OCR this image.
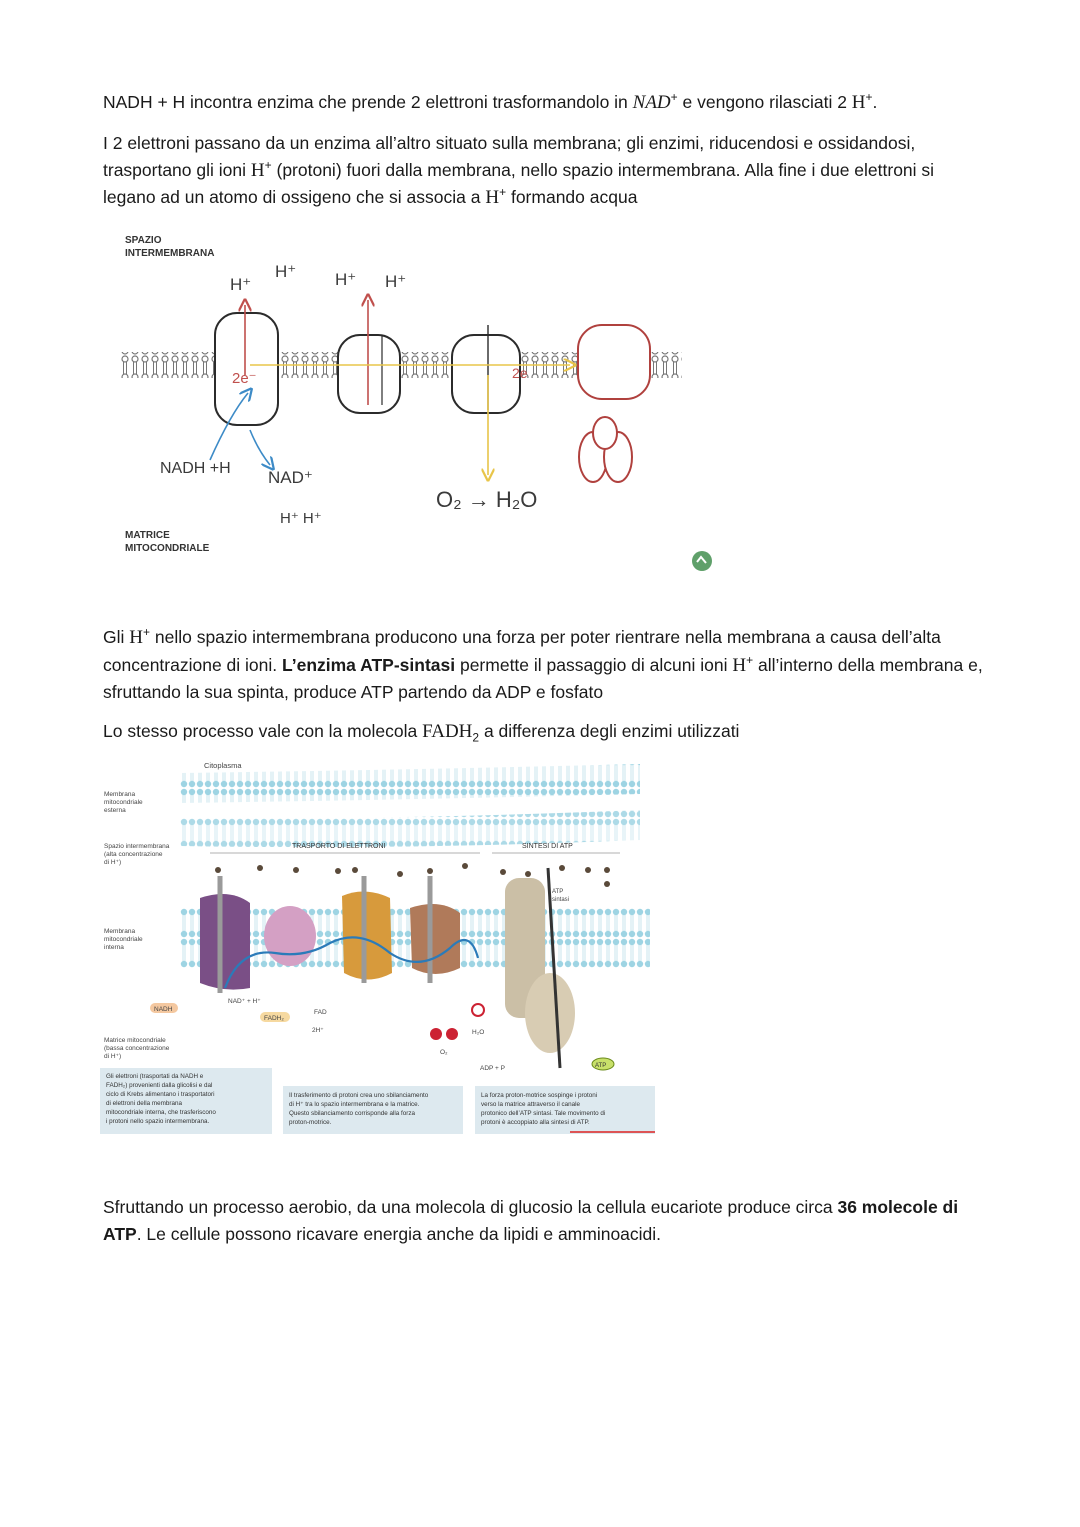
NADH + H incontra enzima che prende 2 elettroni trasformandolo in NAD+ e vengono rilasciati 2 H+.

I 2 elettroni passano da un enzima all’altro situato sulla membrana; gli enzimi, riducendosi e ossidandosi, trasportano gli ioni H+ (protoni) fuori dalla membrana, nello spazio intermembrana. Alla fine i due elettroni si legano ad un atomo di ossigeno che si associa a H+ formando acqua

SPAZIO
INTERMEMBRANA
MATRICE
MITOCONDRIALE
H⁺
H⁺ H⁺ H⁺
2e⁻	2e
NADH +H NAD⁺
H⁺ H⁺
O₂ → H₂O

Gli H+ nello spazio intermembrana producono una forza per poter rientrare nella membrana a causa dell’alta concentrazione di ioni. L’enzima ATP-sintasi permette il passaggio di alcuni ioni H+ all’interno della membrana e, sfruttando la sua spinta, produce ATP partendo da ADP e fosfato

Lo stesso processo vale con la molecola $FADH_2$ a differenza degli enzimi utilizzati

Citoplasma
Membrana
mitocondriale
esterna
Spazio intermembrana
(alta concentrazione
di H⁺)
TRASPORTO DI ELETTRONI	SINTESI DI ATP
Membrana
mitocondriale
interna
NADH
NAD⁺ + H⁺
FADH₂
FAD
2H⁺
O₂
H₂O
ADP + P	ATP
ATP
sintasi
Matrice mitocondriale
(bassa concentrazione
di H⁺)
Gli elettroni (trasportati da NADH e FADH₂) provenienti dalla glicolisi e dal ciclo di Krebs alimentano i trasportatori di elettroni della membrana mitocondriale interna, che trasferiscono i protoni nello spazio intermembrana.
Il trasferimento di protoni crea uno sbilanciamento di H⁺ tra lo spazio intermembrana e la matrice. Questo sbilanciamento corrisponde alla forza proton-motrice.
La forza proton-motrice sospinge i protoni verso la matrice attraverso il canale protonico dell’ATP sintasi. Tale movimento di protoni è accoppiato alla sintesi di ATP.

Sfruttando un processo aerobio, da una molecola di glucosio la cellula eucariote produce circa 36 molecole di ATP. Le cellule possono ricavare energia anche da lipidi e amminoacidi.
